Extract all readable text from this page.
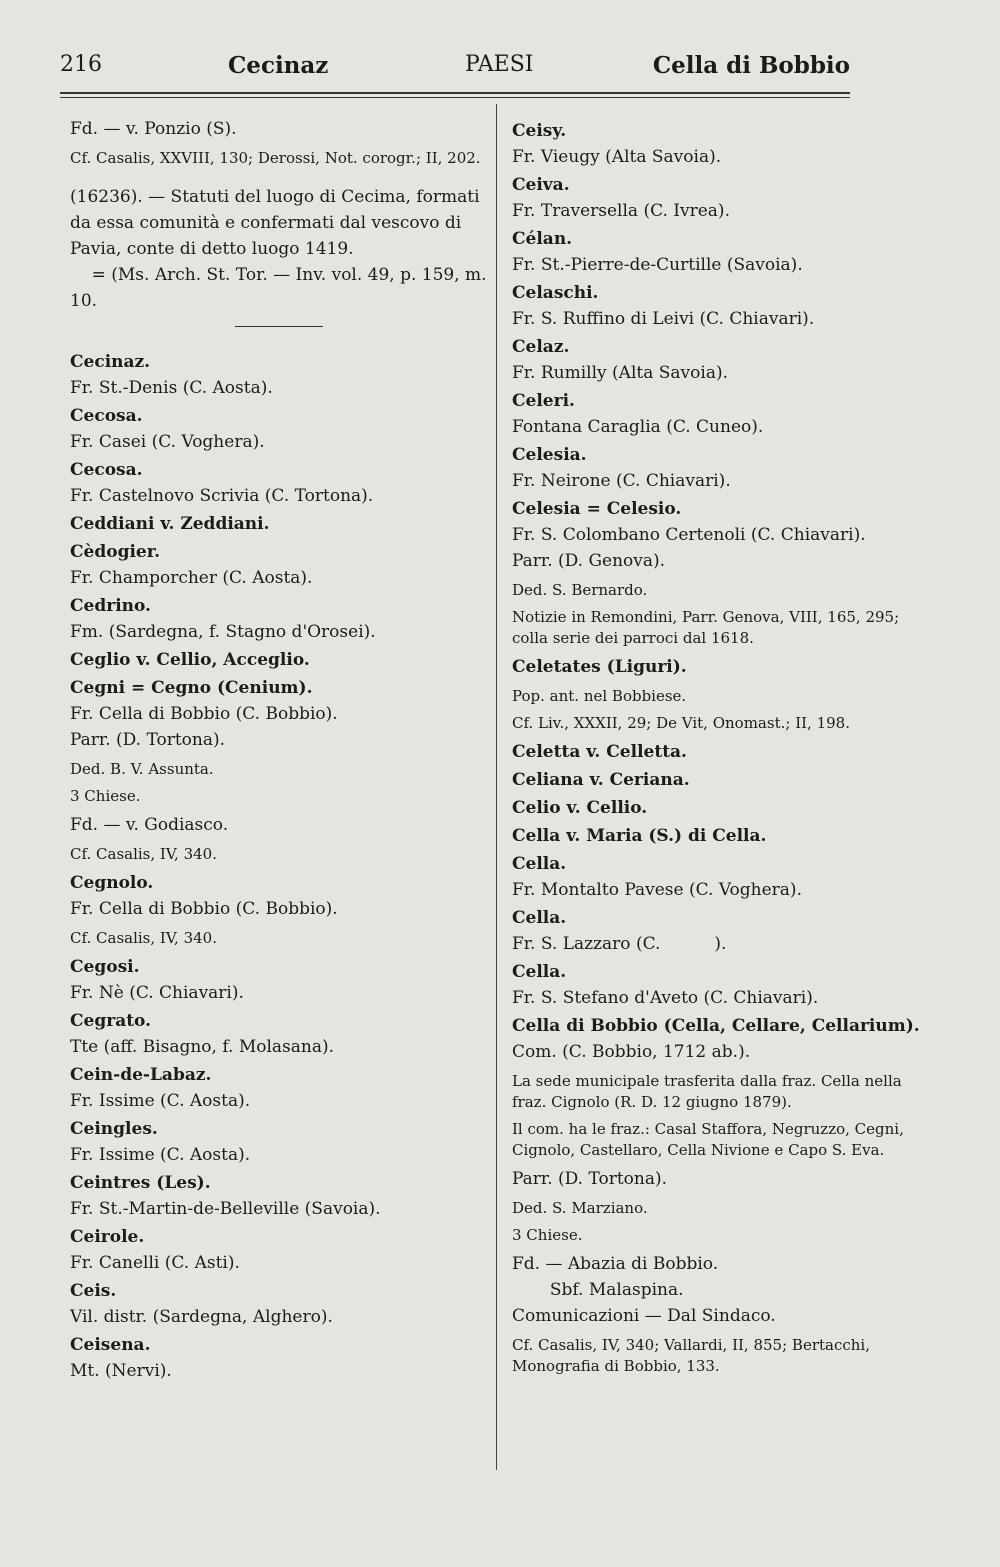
216	Cecinaz	PAESI	Cella di Bobbio
Fd. — v. Ponzio (S).
Cf. Casalis, XXVIII, 130; Derossi, Not. corogr.; II, 202.
(16236). — Statuti del luogo di Cecima, formati da essa comunità e confermati dal vescovo di Pavia, conte di detto luogo 1419.
= (Ms. Arch. St. Tor. — Inv. vol. 49, p. 159, m. 10.
Cecinaz.
Fr. St.-Denis (C. Aosta).
Cecosa.
Fr. Casei (C. Voghera).
Cecosa.
Fr. Castelnovo Scrivia (C. Tortona).
Ceddiani v. Zeddiani.
Cèdogier.
Fr. Champorcher (C. Aosta).
Cedrino.
Fm. (Sardegna, f. Stagno d'Orosei).
Ceglio v. Cellio, Acceglio.
Cegni = Cegno (Cenium).
Fr. Cella di Bobbio (C. Bobbio).
Parr. (D. Tortona).
Ded. B. V. Assunta.
3 Chiese.
Fd. — v. Godiasco.
Cf. Casalis, IV, 340.
Cegnolo.
Fr. Cella di Bobbio (C. Bobbio).
Cf. Casalis, IV, 340.
Cegosi.
Fr. Nè (C. Chiavari).
Cegrato.
Tte (aff. Bisagno, f. Molasana).
Cein-de-Labaz.
Fr. Issime (C. Aosta).
Ceingles.
Fr. Issime (C. Aosta).
Ceintres (Les).
Fr. St.-Martin-de-Belleville (Savoia).
Ceirole.
Fr. Canelli (C. Asti).
Ceis.
Vil. distr. (Sardegna, Alghero).
Ceisena.
Mt. (Nervi).
Ceisy.
Fr. Vieugy (Alta Savoia).
Ceiva.
Fr. Traversella (C. Ivrea).
Célan.
Fr. St.-Pierre-de-Curtille (Savoia).
Celaschi.
Fr. S. Ruffino di Leivi (C. Chiavari).
Celaz.
Fr. Rumilly (Alta Savoia).
Celeri.
Fontana Caraglia (C. Cuneo).
Celesia.
Fr. Neirone (C. Chiavari).
Celesia = Celesio.
Fr. S. Colombano Certenoli (C. Chiavari).
Parr. (D. Genova).
Ded. S. Bernardo.
Notizie in Remondini, Parr. Genova, VIII, 165, 295; colla serie dei parroci dal 1618.
Celetates (Liguri).
Pop. ant. nel Bobbiese.
Cf. Liv., XXXII, 29; De Vit, Onomast.; II, 198.
Celetta v. Celletta.
Celiana v. Ceriana.
Celio v. Cellio.
Cella v. Maria (S.) di Cella.
Cella.
Fr. Montalto Pavese (C. Voghera).
Cella.
Fr. S. Lazzaro (C.          ).
Cella.
Fr. S. Stefano d'Aveto (C. Chiavari).
Cella di Bobbio (Cella, Cellare, Cellarium).
Com. (C. Bobbio, 1712 ab.).
La sede municipale trasferita dalla fraz. Cella nella fraz. Cignolo (R. D. 12 giugno 1879).
Il com. ha le fraz.: Casal Staffora, Negruzzo, Cegni, Cignolo, Castellaro, Cella Nivione e Capo S. Eva.
Parr. (D. Tortona).
Ded. S. Marziano.
3 Chiese.
Fd. — Abazia di Bobbio.
Sbf. Malaspina.
Comunicazioni — Dal Sindaco.
Cf. Casalis, IV, 340; Vallardi, II, 855; Bertacchi, Monografia di Bobbio, 133.
